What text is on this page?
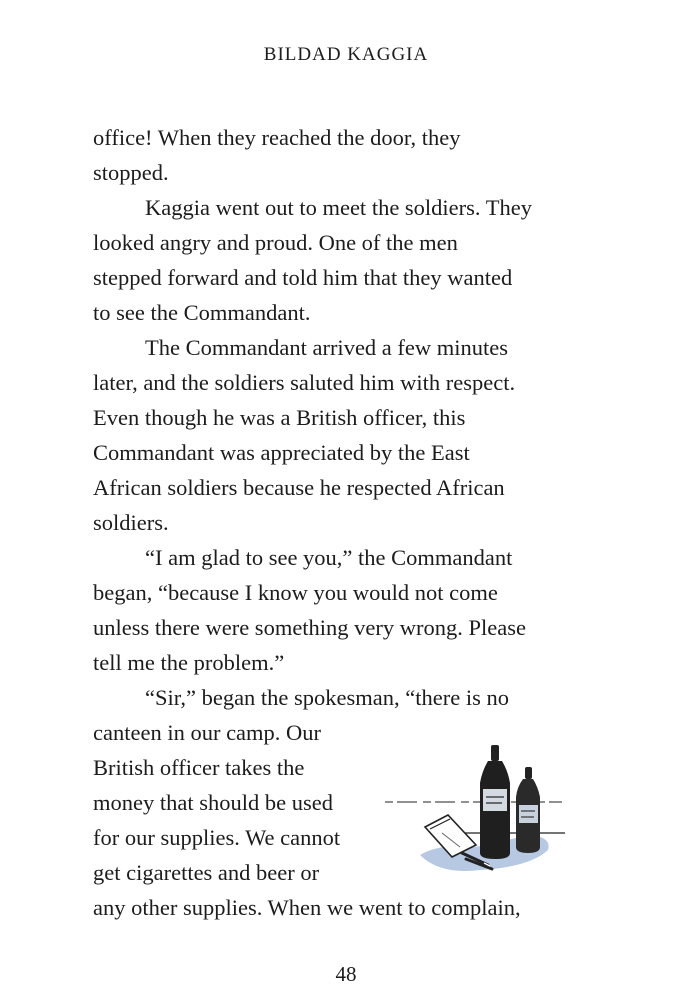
BILDAD KAGGIA
office! When they reached the door, they
stopped.
Kaggia went out to meet the soldiers. They
looked angry and proud. One of the men
stepped forward and told him that they wanted
to see the Commandant.
The Commandant arrived a few minutes
later, and the soldiers saluted him with respect.
Even though he was a British officer, this
Commandant was appreciated by the East
African soldiers because he respected African
soldiers.
“I am glad to see you,” the Commandant
began, “because I know you would not come
unless there were something very wrong. Please
tell me the problem.”
“Sir,” began the spokesman, “there is no
canteen in our camp. Our
British officer takes the
money that should be used
for our supplies. We cannot
get cigarettes and beer or
any other supplies. When we went to complain,
48
